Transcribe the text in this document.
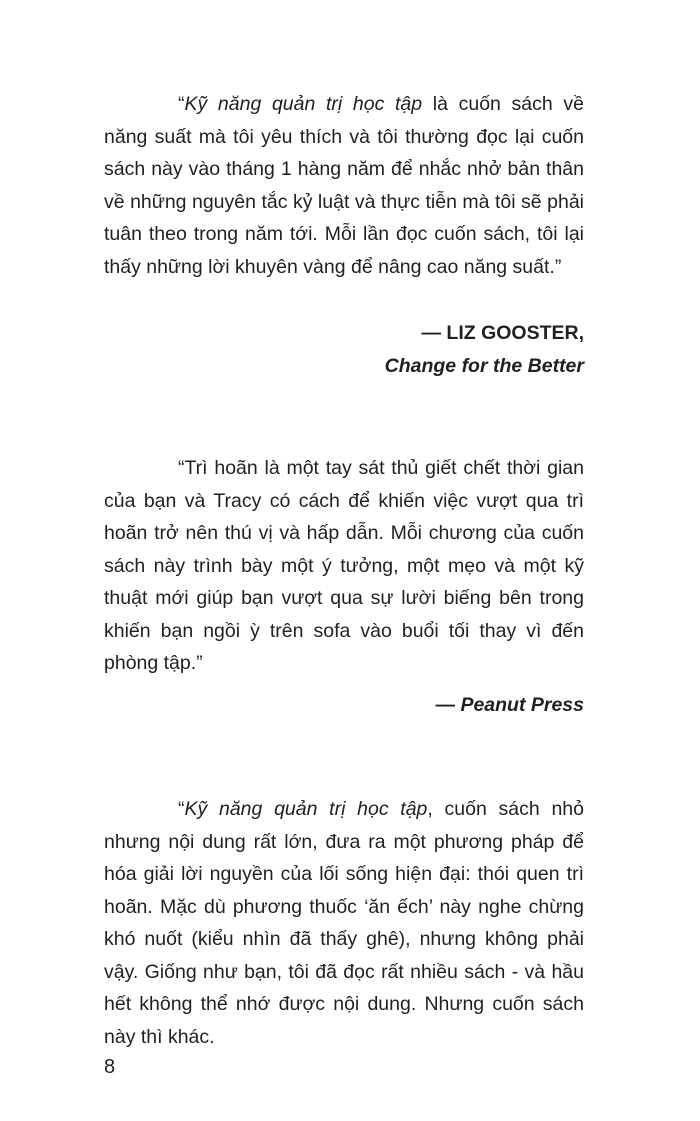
“Kỹ năng quản trị học tập là cuốn sách về năng suất mà tôi yêu thích và tôi thường đọc lại cuốn sách này vào tháng 1 hàng năm để nhắc nhở bản thân về những nguyên tắc kỷ luật và thực tiễn mà tôi sẽ phải tuân theo trong năm tới. Mỗi lần đọc cuốn sách, tôi lại thấy những lời khuyên vàng để nâng cao năng suất.”

— LIZ GOOSTER,
Change for the Better

“Trì hoãn là một tay sát thủ giết chết thời gian của bạn và Tracy có cách để khiến việc vượt qua trì hoãn trở nên thú vị và hấp dẫn. Mỗi chương của cuốn sách này trình bày một ý tưởng, một mẹo và một kỹ thuật mới giúp bạn vượt qua sự lười biếng bên trong khiến bạn ngồi ỳ trên sofa vào buổi tối thay vì đến phòng tập.”

— Peanut Press

“Kỹ năng quản trị học tập, cuốn sách nhỏ nhưng nội dung rất lớn, đưa ra một phương pháp để hóa giải lời nguyền của lối sống hiện đại: thói quen trì hoãn. Mặc dù phương thuốc ‘ăn ếch’ này nghe chừng khó nuốt (kiểu nhìn đã thấy ghê), nhưng không phải vậy. Giống như bạn, tôi đã đọc rất nhiều sách - và hầu hết không thể nhớ được nội dung. Nhưng cuốn sách này thì khác.

8
